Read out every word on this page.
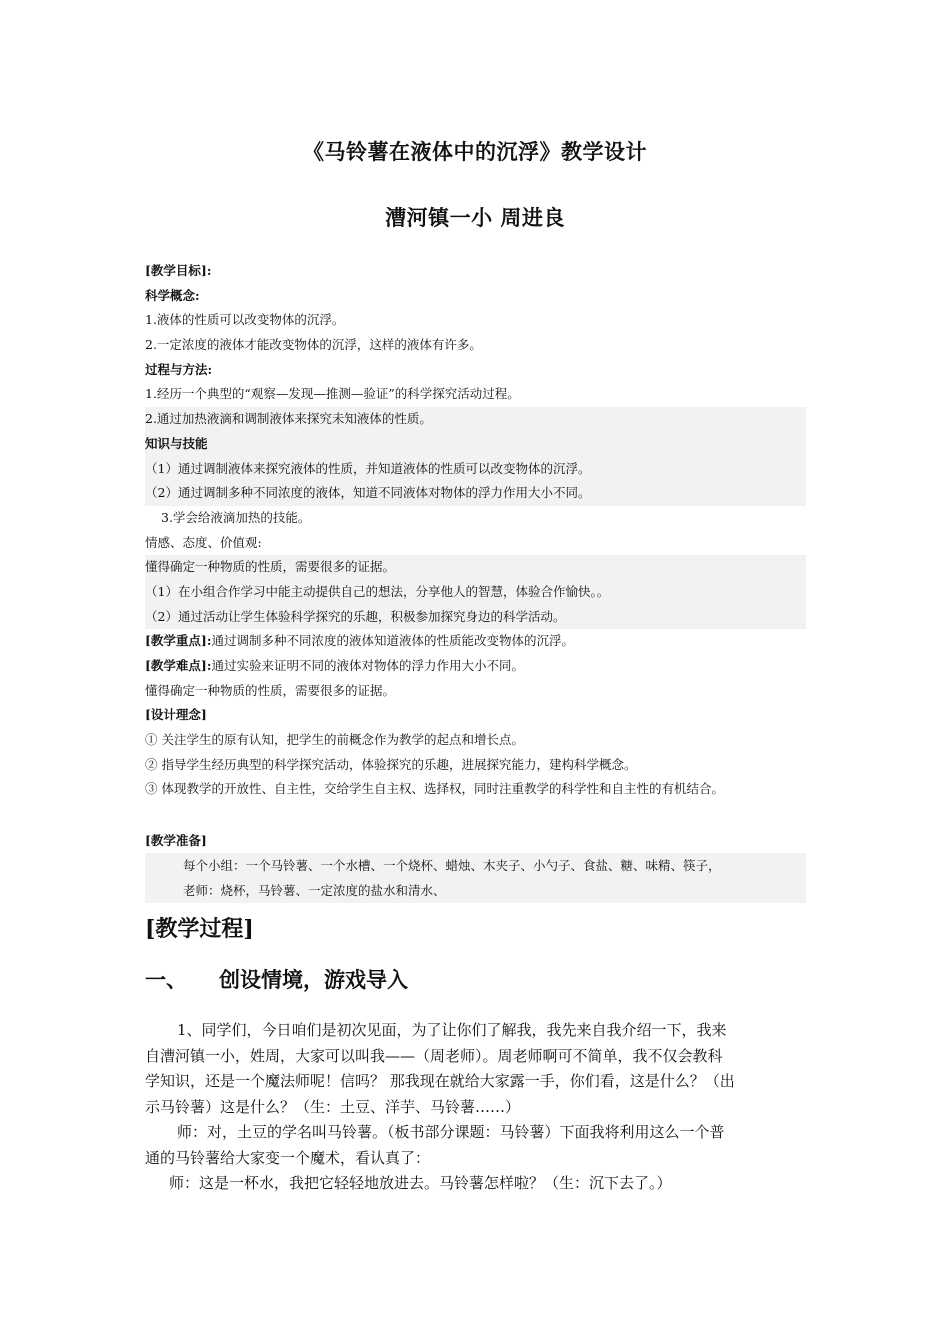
《马铃薯在液体中的沉浮》教学设计
漕河镇一小 周进良
[教学目标]:
科学概念:
1.液体的性质可以改变物体的沉浮。
2.一定浓度的液体才能改变物体的沉浮，这样的液体有许多。
过程与方法:
1.经历一个典型的“观察—发现—推测—验证”的科学探究活动过程。
2.通过加热液滴和调制液体来探究未知液体的性质。
知识与技能
（1）通过调制液体来探究液体的性质，并知道液体的性质可以改变物体的沉浮。
（2）通过调制多种不同浓度的液体，知道不同液体对物体的浮力作用大小不同。
3.学会给液滴加热的技能。
情感、态度、价值观:
懂得确定一种物质的性质，需要很多的证据。
（1）在小组合作学习中能主动提供自己的想法，分享他人的智慧，体验合作愉快。。
（2）通过活动让学生体验科学探究的乐趣，积极参加探究身边的科学活动。
[教学重点]:通过调制多种不同浓度的液体知道液体的性质能改变物体的沉浮。
[教学难点]:通过实验来证明不同的液体对物体的浮力作用大小不同。
懂得确定一种物质的性质，需要很多的证据。
[设计理念]
① 关注学生的原有认知，把学生的前概念作为教学的起点和增长点。
② 指导学生经历典型的科学探究活动，体验探究的乐趣，进展探究能力，建构科学概念。
③ 体现教学的开放性、自主性，交给学生自主权、选择权，同时注重教学的科学性和自主性的有机结合。
[教学准备]
每个小组：一个马铃薯、一个水槽、一个烧杯、蜡烛、木夹子、小勺子、食盐、糖、味精、筷子，
老师：烧杯，马铃薯、一定浓度的盐水和清水、
[教学过程]
一、 创设情境，游戏导入
1、同学们，今日咱们是初次见面，为了让你们了解我，我先来自我介绍一下，我来
自漕河镇一小，姓周，大家可以叫我——（周老师）。周老师啊可不简单，我不仅会教科
学知识，还是一个魔法师呢！信吗？ 那我现在就给大家露一手，你们看，这是什么？（出
示马铃薯）这是什么？（生：土豆、洋芋、马铃薯……）
师：对，土豆的学名叫马铃薯。（板书部分课题：马铃薯）下面我将利用这么一个普
通的马铃薯给大家变一个魔术，看认真了：
师：这是一杯水，我把它轻轻地放进去。马铃薯怎样啦？（生：沉下去了。）
